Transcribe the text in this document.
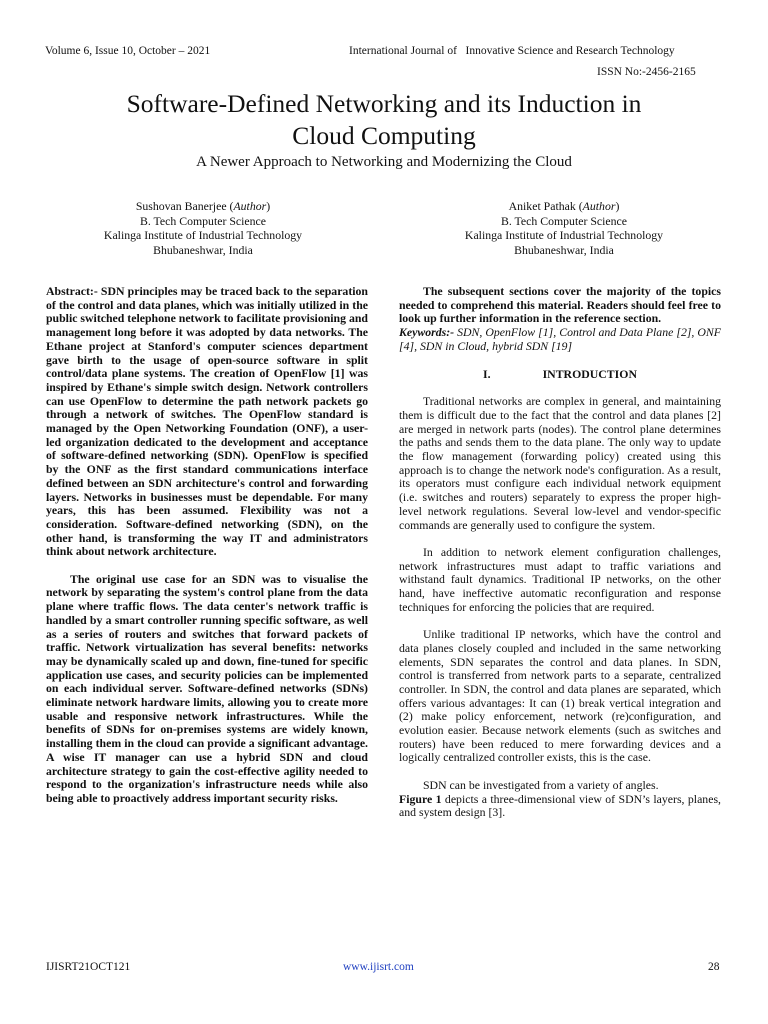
Volume 6, Issue 10, October – 2021	International Journal of   Innovative Science and Research Technology
ISSN No:-2456-2165
Software-Defined Networking and its Induction in
Cloud Computing
A Newer Approach to Networking and Modernizing the Cloud
Sushovan Banerjee (Author)
B. Tech Computer Science
Kalinga Institute of Industrial Technology
Bhubaneshwar, India
Aniket Pathak (Author)
B. Tech Computer Science
Kalinga Institute of Industrial Technology
Bhubaneshwar, India

Abstract:- SDN principles may be traced back to the separation of the control and data planes, which was initially utilized in the public switched telephone network to facilitate provisioning and management long before it was adopted by data networks. The Ethane project at Stanford's computer sciences department gave birth to the usage of open-source software in split control/data plane systems. The creation of OpenFlow [1] was inspired by Ethane's simple switch design. Network controllers can use OpenFlow to determine the path network packets go through a network of switches. The OpenFlow standard is managed by the Open Networking Foundation (ONF), a user-led organization dedicated to the development and acceptance of software-defined networking (SDN). OpenFlow is specified by the ONF as the first standard communications interface defined between an SDN architecture's control and forwarding layers. Networks in businesses must be dependable. For many years, this has been assumed. Flexibility was not a consideration. Software-defined networking (SDN), on the other hand, is transforming the way IT and administrators think about network architecture.

The original use case for an SDN was to visualise the network by separating the system's control plane from the data plane where traffic flows. The data center's network traffic is handled by a smart controller running specific software, as well as a series of routers and switches that forward packets of traffic. Network virtualization has several benefits: networks may be dynamically scaled up and down, fine-tuned for specific application use cases, and security policies can be implemented on each individual server. Software-defined networks (SDNs) eliminate network hardware limits, allowing you to create more usable and responsive network infrastructures. While the benefits of SDNs for on-premises systems are widely known, installing them in the cloud can provide a significant advantage. A wise IT manager can use a hybrid SDN and cloud architecture strategy to gain the cost-effective agility needed to respond to the organization's infrastructure needs while also being able to proactively address important security risks.

The subsequent sections cover the majority of the topics needed to comprehend this material. Readers should feel free to look up further information in the reference section.

Keywords:- SDN, OpenFlow [1], Control and Data Plane [2], ONF [4], SDN in Cloud, hybrid SDN [19]

I.	INTRODUCTION

Traditional networks are complex in general, and maintaining them is difficult due to the fact that the control and data planes [2] are merged in network parts (nodes). The control plane determines the paths and sends them to the data plane. The only way to update the flow management (forwarding policy) created using this approach is to change the network node's configuration. As a result, its operators must configure each individual network equipment (i.e. switches and routers) separately to express the proper high-level network regulations. Several low-level and vendor-specific commands are generally used to configure the system.

In addition to network element configuration challenges, network infrastructures must adapt to traffic variations and withstand fault dynamics. Traditional IP networks, on the other hand, have ineffective automatic reconfiguration and response techniques for enforcing the policies that are required.

Unlike traditional IP networks, which have the control and data planes closely coupled and included in the same networking elements, SDN separates the control and data planes. In SDN, control is transferred from network parts to a separate, centralized controller. In SDN, the control and data planes are separated, which offers various advantages: It can (1) break vertical integration and (2) make policy enforcement, network (re)configuration, and evolution easier. Because network elements (such as switches and routers) have been reduced to mere forwarding devices and a logically centralized controller exists, this is the case.

SDN can be investigated from a variety of angles.
Figure 1 depicts a three-dimensional view of SDN’s layers, planes, and system design [3].

IJISRT21OCT121	www.ijisrt.com	28
